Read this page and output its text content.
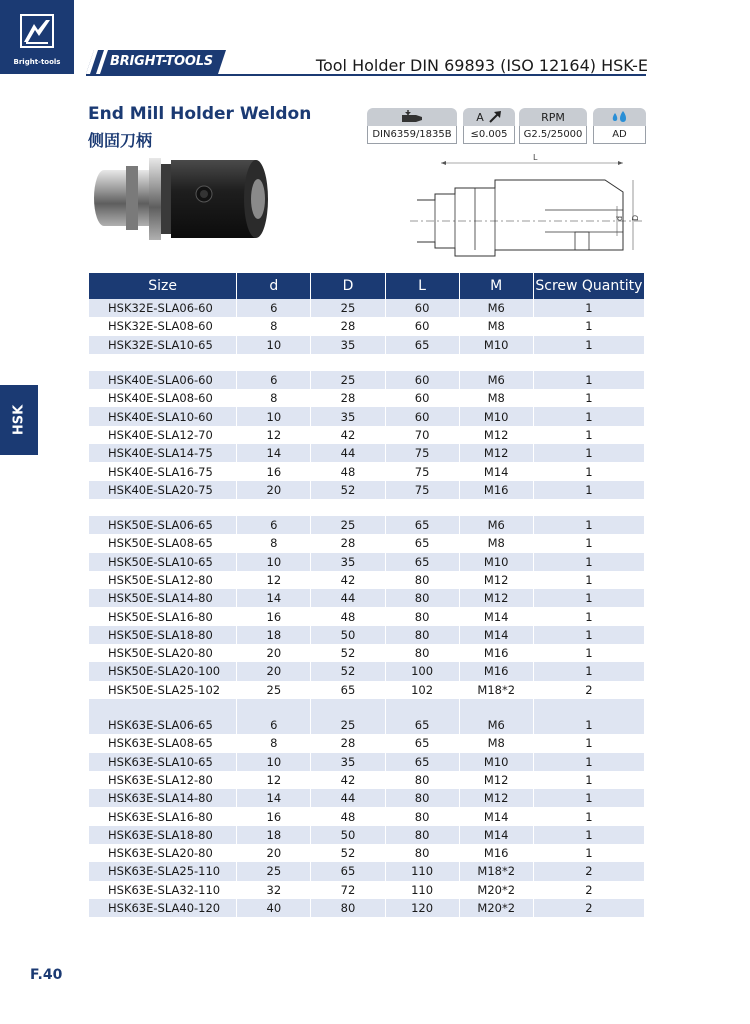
Bright-tools	BRIGHT-TOOLS	Tool Holder DIN 69893 (ISO 12164) HSK-E
End Mill Holder Weldon
侧固刀柄	DIN6359/1835B
A
≤0.005
RPM
G2.5/25000	AD
L
d D
HSK
Size	d	D	L	M	Screw Quantity
HSK32E-SLA06-60	6	25	60	M6	1
HSK32E-SLA08-60	8	28	60	M8	1
HSK32E-SLA10-65	10	35	65	M10	1

HSK40E-SLA06-60	6	25	60	M6	1
HSK40E-SLA08-60	8	28	60	M8	1
HSK40E-SLA10-60	10	35	60	M10	1
HSK40E-SLA12-70	12	42	70	M12	1
HSK40E-SLA14-75	14	44	75	M12	1
HSK40E-SLA16-75	16	48	75	M14	1
HSK40E-SLA20-75	20	52	75	M16	1

HSK50E-SLA06-65	6	25	65	M6	1
HSK50E-SLA08-65	8	28	65	M8	1
HSK50E-SLA10-65	10	35	65	M10	1
HSK50E-SLA12-80	12	42	80	M12	1
HSK50E-SLA14-80	14	44	80	M12	1
HSK50E-SLA16-80	16	48	80	M14	1
HSK50E-SLA18-80	18	50	80	M14	1
HSK50E-SLA20-80	20	52	80	M16	1
HSK50E-SLA20-100	20	52	100	M16	1
HSK50E-SLA25-102	25	65	102	M18*2	2

HSK63E-SLA06-65	6	25	65	M6	1
HSK63E-SLA08-65	8	28	65	M8	1
HSK63E-SLA10-65	10	35	65	M10	1
HSK63E-SLA12-80	12	42	80	M12	1
HSK63E-SLA14-80	14	44	80	M12	1
HSK63E-SLA16-80	16	48	80	M14	1
HSK63E-SLA18-80	18	50	80	M14	1
HSK63E-SLA20-80	20	52	80	M16	1
HSK63E-SLA25-110	25	65	110	M18*2	2
HSK63E-SLA32-110	32	72	110	M20*2	2
HSK63E-SLA40-120	40	80	120	M20*2	2
F.40
